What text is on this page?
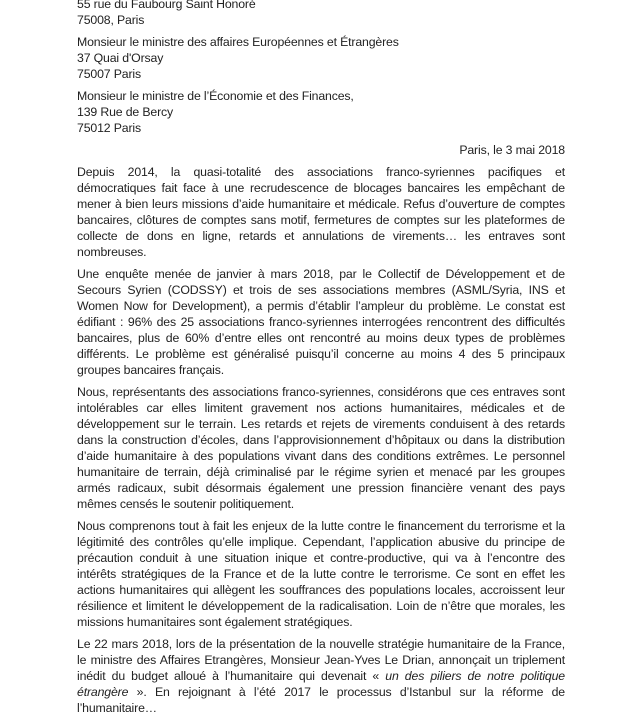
55 rue du Faubourg Saint Honoré
75008, Paris
Monsieur le ministre des affaires Européennes et Étrangères
37 Quai d'Orsay
75007 Paris
Monsieur le ministre de l’Économie et des Finances,
139 Rue de Bercy
75012 Paris
Paris, le 3 mai 2018

Depuis 2014, la quasi-totalité des associations franco-syriennes pacifiques et démocratiques fait face à une recrudescence de blocages bancaires les empêchant de mener à bien leurs missions d’aide humanitaire et médicale. Refus d’ouverture de comptes bancaires, clôtures de comptes sans motif, fermetures de comptes sur les plateformes de collecte de dons en ligne, retards et annulations de virements… les entraves sont nombreuses.

Une enquête menée de janvier à mars 2018, par le Collectif de Développement et de Secours Syrien (CODSSY) et trois de ses associations membres (ASML/Syria, INS et Women Now for Development), a permis d’établir l’ampleur du problème. Le constat est édifiant : 96% des 25 associations franco-syriennes interrogées rencontrent des difficultés bancaires, plus de 60% d’entre elles ont rencontré au moins deux types de problèmes différents. Le problème est généralisé puisqu’il concerne au moins 4 des 5 principaux groupes bancaires français.

Nous, représentants des associations franco-syriennes, considérons que ces entraves sont intolérables car elles limitent gravement nos actions humanitaires, médicales et de développement sur le terrain. Les retards et rejets de virements conduisent à des retards dans la construction d’écoles, dans l’approvisionnement d’hôpitaux ou dans la distribution d’aide humanitaire à des populations vivant dans des conditions extrêmes. Le personnel humanitaire de terrain, déjà criminalisé par le régime syrien et menacé par les groupes armés radicaux, subit désormais également une pression financière venant des pays mêmes censés le soutenir politiquement.

Nous comprenons tout à fait les enjeux de la lutte contre le financement du terrorisme et la légitimité des contrôles qu’elle implique. Cependant, l’application abusive du principe de précaution conduit à une situation inique et contre-productive, qui va à l’encontre des intérêts stratégiques de la France et de la lutte contre le terrorisme. Ce sont en effet les actions humanitaires qui allègent les souffrances des populations locales, accroissent leur résilience et limitent le développement de la radicalisation. Loin de n’être que morales, les missions humanitaires sont également stratégiques.

Le 22 mars 2018, lors de la présentation de la nouvelle stratégie humanitaire de la France, le ministre des Affaires Etrangères, Monsieur Jean-Yves Le Drian, annonçait un triplement inédit du budget alloué à l’humanitaire qui devenait « un des piliers de notre politique étrangère ». En rejoignant à l’été 2017 le processus d’Istanbul sur la réforme de l’humanitaire…
